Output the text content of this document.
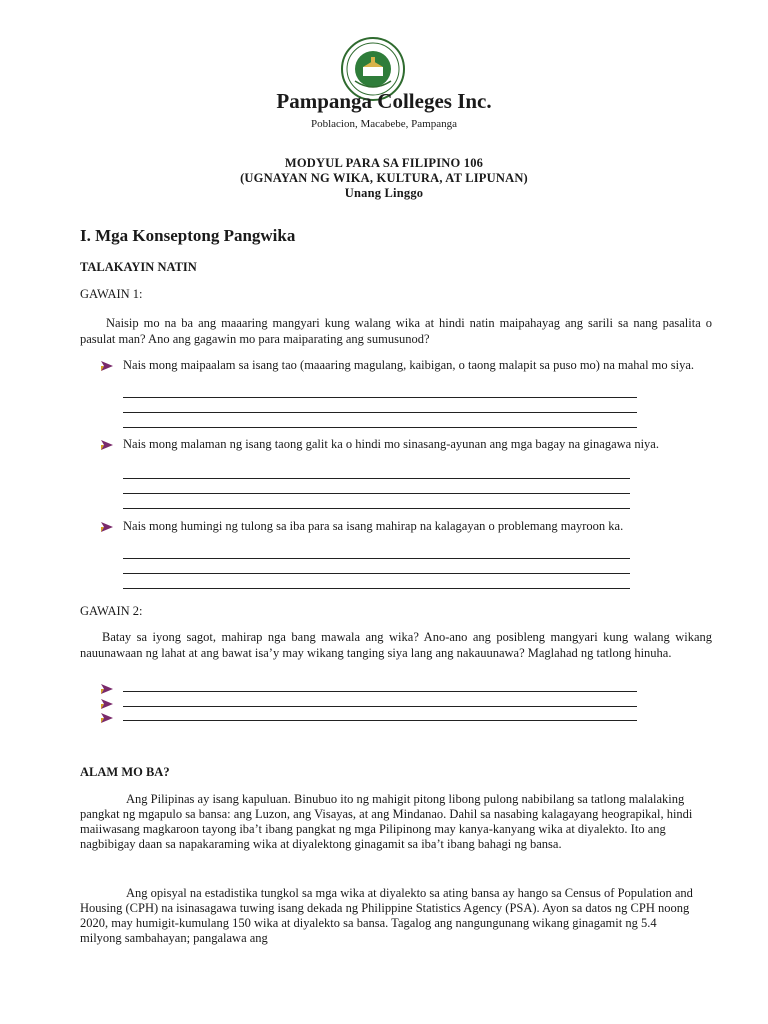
Pampanga Colleges Inc.
Poblacion, Macabebe, Pampanga
MODYUL PARA SA FILIPINO 106
(UGNAYAN NG WIKA, KULTURA, AT LIPUNAN)
Unang Linggo
I. Mga Konseptong Pangwika
TALAKAYIN NATIN
GAWAIN 1:
Naisip mo na ba ang maaaring mangyari kung walang wika at hindi natin maipahayag ang sarili sa nang pasalita o pasulat man? Ano ang gagawin mo para maiparating ang sumusunod?
Nais mong maipaalam sa isang tao (maaaring magulang, kaibigan, o taong malapit sa puso mo) na mahal mo siya.
Nais mong malaman ng isang taong galit ka o hindi mo sinasang-ayunan ang mga bagay na ginagawa niya.
Nais mong humingi ng tulong sa iba para sa isang mahirap na kalagayan o problemang mayroon ka.
GAWAIN 2:
Batay sa iyong sagot, mahirap nga bang mawala ang wika? Ano-ano ang posibleng mangyari kung walang wikang nauunawaan ng lahat at ang bawat isa’y may wikang tanging siya lang ang nakauunawa? Maglahad ng tatlong hinuha.
ALAM MO BA?
Ang Pilipinas ay isang kapuluan. Binubuo ito ng mahigit pitong libong pulong nabibilang sa tatlong malalaking pangkat ng mgapulo sa bansa: ang Luzon, ang Visayas, at ang Mindanao. Dahil sa nasabing kalagayang heograpikal, hindi maiiwasang magkaroon tayong iba’t ibang pangkat ng mga Pilipinong may kanya-kanyang wika at diyalekto. Ito ang nagbibigay daan sa napakaraming wika at diyalektong ginagamit sa iba’t ibang bahagi ng bansa.
Ang opisyal na estadistika tungkol sa mga wika at diyalekto sa ating bansa ay hango sa Census of Population and Housing (CPH) na isinasagawa tuwing isang dekada ng Philippine Statistics Agency (PSA). Ayon sa datos ng CPH noong 2020, may humigit-kumulang 150 wika at diyalekto sa bansa. Tagalog ang nangungunang wikang ginagamit ng 5.4 milyong sambahayan; pangalawa ang
